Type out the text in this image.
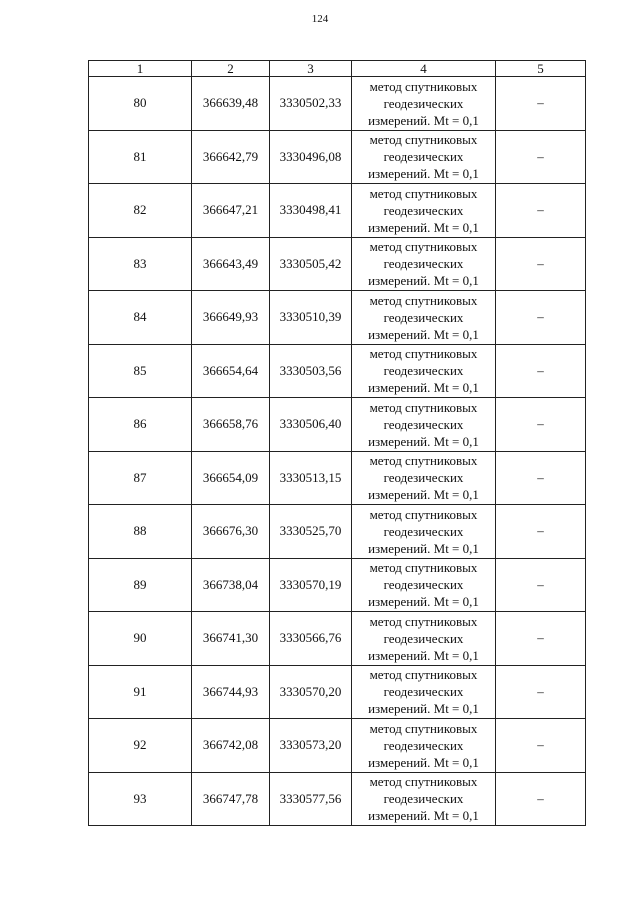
124
1	2	3	4	5
80	366639,48	3330502,33	метод спутниковых
геодезических
измерений. Mt = 0,1	–
81	366642,79	3330496,08	метод спутниковых
геодезических
измерений. Mt = 0,1	–
82	366647,21	3330498,41	метод спутниковых
геодезических
измерений. Mt = 0,1	–
83	366643,49	3330505,42	метод спутниковых
геодезических
измерений. Mt = 0,1	–
84	366649,93	3330510,39	метод спутниковых
геодезических
измерений. Mt = 0,1	–
85	366654,64	3330503,56	метод спутниковых
геодезических
измерений. Mt = 0,1	–
86	366658,76	3330506,40	метод спутниковых
геодезических
измерений. Mt = 0,1	–
87	366654,09	3330513,15	метод спутниковых
геодезических
измерений. Mt = 0,1	–
88	366676,30	3330525,70	метод спутниковых
геодезических
измерений. Mt = 0,1	–
89	366738,04	3330570,19	метод спутниковых
геодезических
измерений. Mt = 0,1	–
90	366741,30	3330566,76	метод спутниковых
геодезических
измерений. Mt = 0,1	–
91	366744,93	3330570,20	метод спутниковых
геодезических
измерений. Mt = 0,1	–
92	366742,08	3330573,20	метод спутниковых
геодезических
измерений. Mt = 0,1	–
93	366747,78	3330577,56	метод спутниковых
геодезических
измерений. Mt = 0,1	–
